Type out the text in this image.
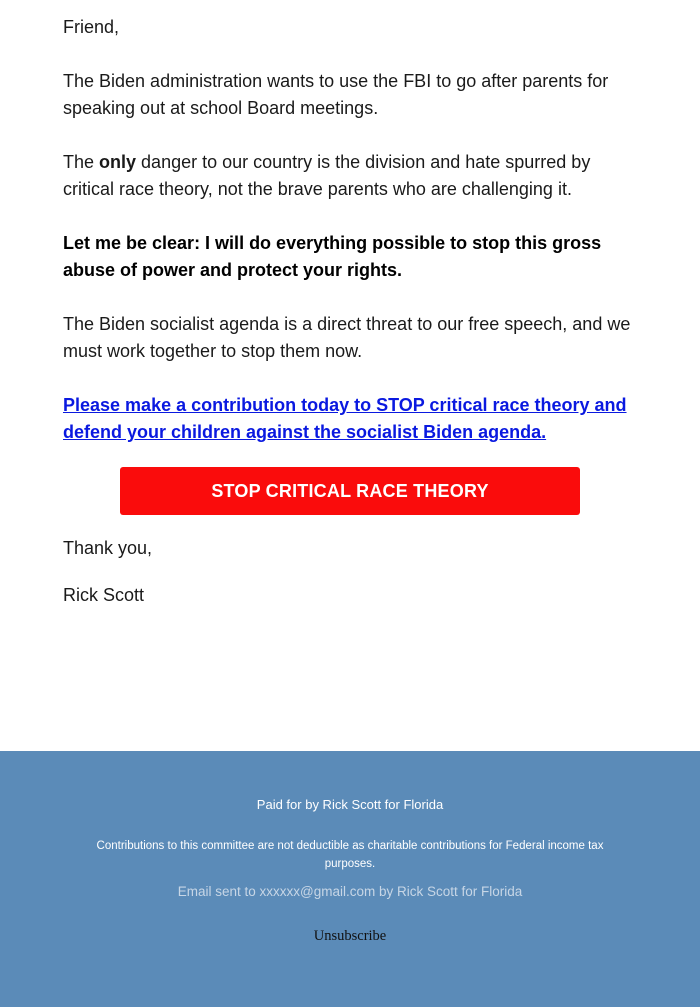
Friend,

The Biden administration wants to use the FBI to go after parents for speaking out at school Board meetings.

The only danger to our country is the division and hate spurred by critical race theory, not the brave parents who are challenging it.

Let me be clear: I will do everything possible to stop this gross abuse of power and protect your rights.

The Biden socialist agenda is a direct threat to our free speech, and we must work together to stop them now.

Please make a contribution today to STOP critical race theory and defend your children against the socialist Biden agenda.

Thank you,

Rick Scott

STOP CRITICAL RACE THEORY
Paid for by Rick Scott for Florida
Contributions to this committee are not deductible as charitable contributions for Federal income tax purposes.
Email sent to xxxxxx@gmail.com by Rick Scott for Florida
Unsubscribe
